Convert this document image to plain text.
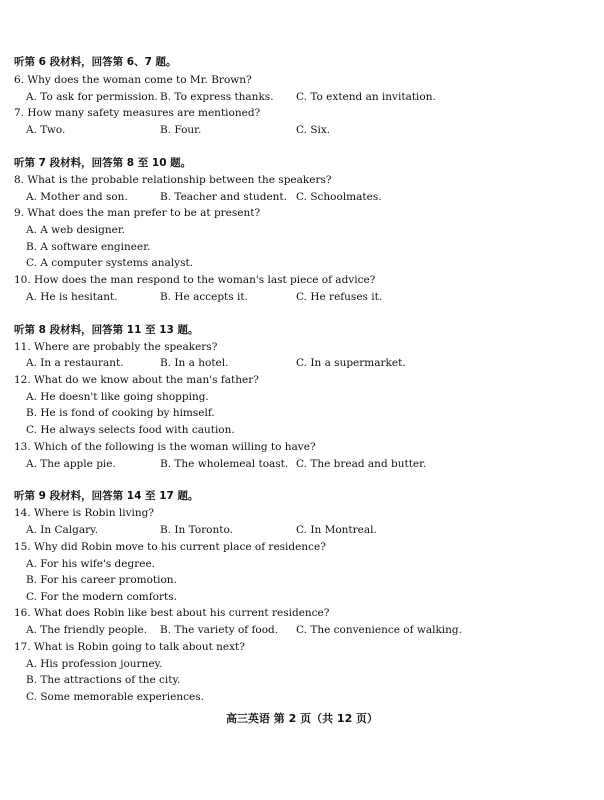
听第 6 段材料，回答第 6、7 题。
6. Why does the woman come to Mr. Brown?
A. To ask for permission. B. To express thanks. C. To extend an invitation.
7. How many safety measures are mentioned?
A. Two.	B. Four.	C. Six.
听第 7 段材料，回答第 8 至 10 题。
8. What is the probable relationship between the speakers?
A. Mother and son.	B. Teacher and student. C. Schoolmates.
9. What does the man prefer to be at present?
A. A web designer.
B. A software engineer.
C. A computer systems analyst.
10. How does the man respond to the woman's last piece of advice?
A. He is hesitant.	B. He accepts it.	C. He refuses it.
听第 8 段材料，回答第 11 至 13 题。
11. Where are probably the speakers?
A. In a restaurant.	B. In a hotel.	C. In a supermarket.
12. What do we know about the man's father?
A. He doesn't like going shopping.
B. He is fond of cooking by himself.
C. He always selects food with caution.
13. Which of the following is the woman willing to have?
A. The apple pie.	B. The wholemeal toast. C. The bread and butter.
听第 9 段材料，回答第 14 至 17 题。
14. Where is Robin living?
A. In Calgary.	B. In Toronto.	C. In Montreal.
15. Why did Robin move to his current place of residence?
A. For his wife's degree.
B. For his career promotion.
C. For the modern comforts.
16. What does Robin like best about his current residence?
A. The friendly people. B. The variety of food. C. The convenience of walking.
17. What is Robin going to talk about next?
A. His profession journey.
B. The attractions of the city.
C. Some memorable experiences.
高三英语 第 2 页（共 12 页）
